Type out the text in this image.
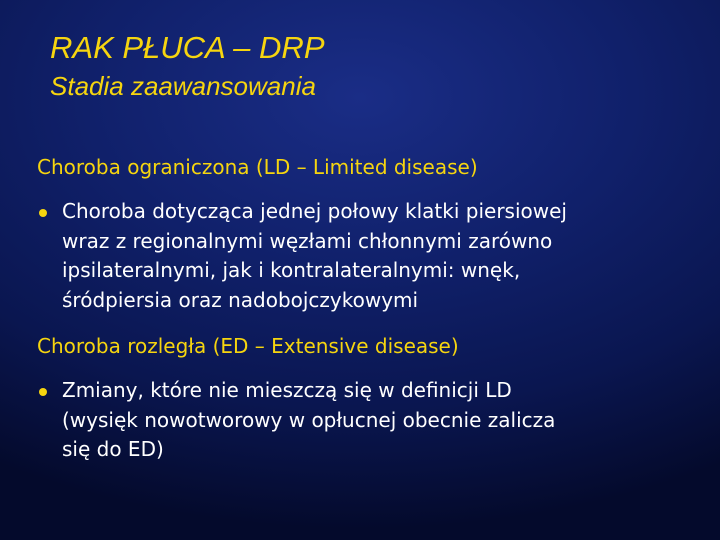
RAK PŁUCA – DRP
Stadia zaawansowania
Choroba ograniczona (LD – Limited disease)
Choroba dotycząca jednej połowy klatki piersiowej
wraz z regionalnymi węzłami chłonnymi zarówno
ipsilateralnymi, jak i kontralateralnymi: wnęk,
śródpiersia oraz nadobojczykowymi
Choroba rozległa (ED – Extensive disease)
Zmiany, które nie mieszczą się w definicji LD
(wysięk nowotworowy w opłucnej obecnie zalicza
się do ED)
